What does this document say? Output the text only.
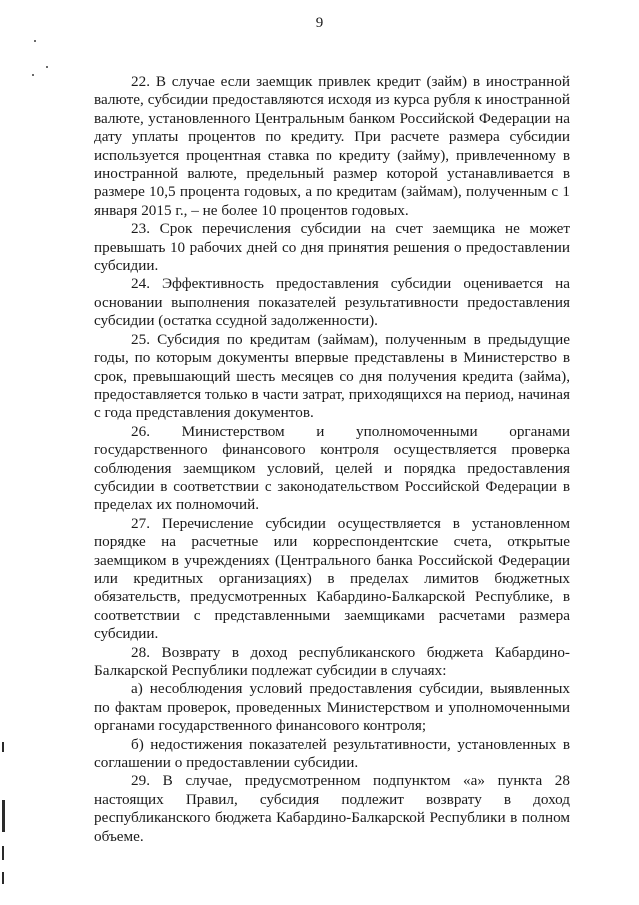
9

22. В случае если заемщик привлек кредит (займ) в иностранной валюте, субсидии предоставляются исходя из курса рубля к иностранной валюте, установленного Центральным банком Российской Федерации на дату уплаты процентов по кредиту. При расчете размера субсидии используется процентная ставка по кредиту (займу), привлеченному в иностранной валюте, предельный размер которой устанавливается в размере 10,5 процента годовых, а по кредитам (займам), полученным с 1 января 2015 г., – не более 10 процентов годовых.

23. Срок перечисления субсидии на счет заемщика не может превышать 10 рабочих дней со дня принятия решения о предоставлении субсидии.

24. Эффективность предоставления субсидии оценивается на основании выполнения показателей результативности предоставления субсидии (остатка ссудной задолженности).

25. Субсидия по кредитам (займам), полученным в предыдущие годы, по которым документы впервые представлены в Министерство в срок, превышающий шесть месяцев со дня получения кредита (займа), предоставляется только в части затрат, приходящихся на период, начиная с года представления документов.

26. Министерством и уполномоченными органами государственного финансового контроля осуществляется проверка соблюдения заемщиком условий, целей и порядка предоставления субсидии в соответствии с законодательством Российской Федерации в пределах их полномочий.

27. Перечисление субсидии осуществляется в установленном порядке на расчетные или корреспондентские счета, открытые заемщиком в учреждениях (Центрального банка Российской Федерации или кредитных организациях) в пределах лимитов бюджетных обязательств, предусмотренных Кабардино-Балкарской Республике, в соответствии с представленными заемщиками расчетами размера субсидии.

28. Возврату в доход республиканского бюджета Кабардино-Балкарской Республики подлежат субсидии в случаях:

а) несоблюдения условий предоставления субсидии, выявленных по фактам проверок, проведенных Министерством и уполномоченными органами государственного финансового контроля;

б) недостижения показателей результативности, установленных в соглашении о предоставлении субсидии.

29. В случае, предусмотренном подпунктом «а» пункта 28 настоящих Правил, субсидия подлежит возврату в доход республиканского бюджета Кабардино-Балкарской Республики в полном объеме.
